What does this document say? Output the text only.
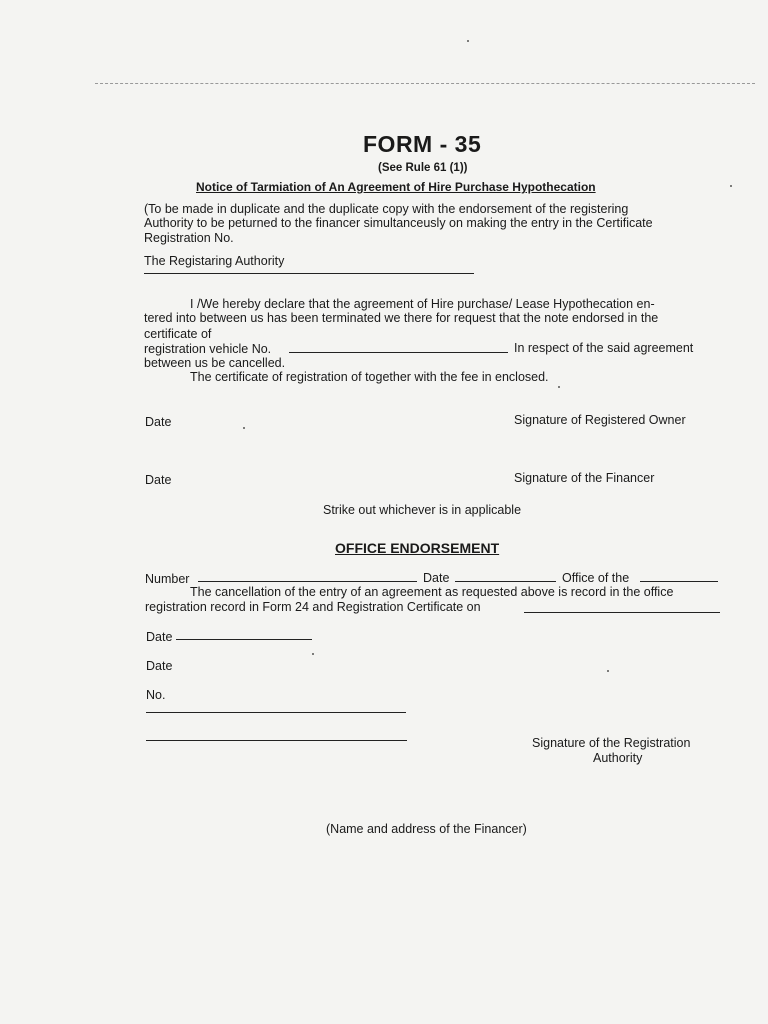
FORM - 35
(See Rule 61 (1))
Notice of Tarmiation of An Agreement of Hire Purchase Hypothecation
(To be made in duplicate and the duplicate copy with the endorsement of the registering
Authority to be peturned to the financer simultanceusly on making the entry in the Certificate
Registration No.
The Registaring Authority
I /We hereby declare that the agreement of Hire purchase/ Lease Hypothecation en-
tered into between us has been terminated we there for request that the note endorsed in the
certificate of
registration vehicle No.	In respect of the said agreement
between us be cancelled.
The certificate of registration of together with the fee in enclosed.
Date	Signature of Registered Owner
Date	Signature of the Financer
Strike out whichever is in applicable
OFFICE ENDORSEMENT
Number	Date	Office of the
The cancellation of the entry of an agreement as requested above is record in the office
registration record in Form 24 and Registration Certificate on
Date
Date
No.
Signature of the Registration
Authority
(Name and address of the Financer)
